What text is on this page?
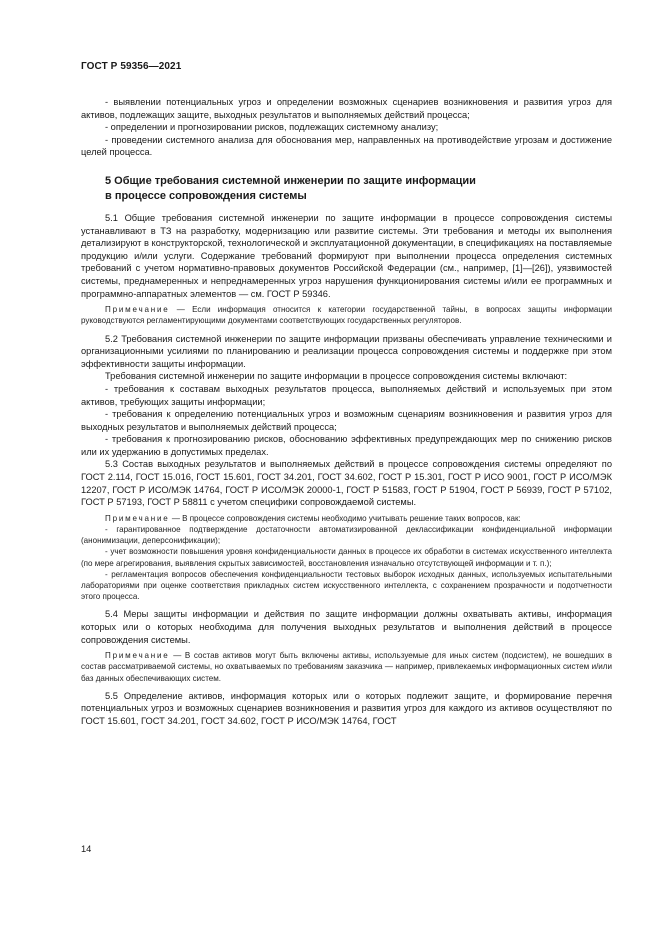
ГОСТ Р 59356—2021

- выявлении потенциальных угроз и определении возможных сценариев возникновения и развития угроз для активов, подлежащих защите, выходных результатов и выполняемых действий процесса;

- определении и прогнозировании рисков, подлежащих системному анализу;

- проведении системного анализа для обоснования мер, направленных на противодействие угрозам и достижение целей процесса.

5 Общие требования системной инженерии по защите информации
в процессе сопровождения системы

5.1 Общие требования системной инженерии по защите информации в процессе сопровождения системы устанавливают в ТЗ на разработку, модернизацию или развитие системы. Эти требования и методы их выполнения детализируют в конструкторской, технологической и эксплуатационной документации, в спецификациях на поставляемые продукцию и/или услуги. Содержание требований формируют при выполнении процесса определения системных требований с учетом нормативно-правовых документов Российской Федерации (см., например, [1]—[26]), уязвимостей системы, преднамеренных и непреднамеренных угроз нарушения функционирования системы и/или ее программных и программно-аппаратных элементов — см. ГОСТ Р 59346.

Примечание — Если информация относится к категории государственной тайны, в вопросах защиты информации руководствуются регламентирующими документами соответствующих государственных регуляторов.

5.2 Требования системной инженерии по защите информации призваны обеспечивать управление техническими и организационными усилиями по планированию и реализации процесса сопровождения системы и поддержке при этом эффективности защиты информации.

Требования системной инженерии по защите информации в процессе сопровождения системы включают:

- требования к составам выходных результатов процесса, выполняемых действий и используемых при этом активов, требующих защиты информации;

- требования к определению потенциальных угроз и возможным сценариям возникновения и развития угроз для выходных результатов и выполняемых действий процесса;

- требования к прогнозированию рисков, обоснованию эффективных предупреждающих мер по снижению рисков или их удержанию в допустимых пределах.

5.3 Состав выходных результатов и выполняемых действий в процессе сопровождения системы определяют по ГОСТ 2.114, ГОСТ 15.016, ГОСТ 15.601, ГОСТ 34.201, ГОСТ 34.602, ГОСТ Р 15.301, ГОСТ Р ИСО 9001, ГОСТ Р ИСО/МЭК 12207, ГОСТ Р ИСО/МЭК 14764, ГОСТ Р ИСО/МЭК 20000-1, ГОСТ Р 51583, ГОСТ Р 51904, ГОСТ Р 56939, ГОСТ Р 57102, ГОСТ Р 57193, ГОСТ Р 58811 с учетом специфики сопровождаемой системы.

Примечание — В процессе сопровождения системы необходимо учитывать решение таких вопросов, как:

- гарантированное подтверждение достаточности автоматизированной деклассификации конфиденциальной информации (анонимизации, деперсонификации);

- учет возможности повышения уровня конфиденциальности данных в процессе их обработки в системах искусственного интеллекта (по мере агрегирования, выявления скрытых зависимостей, восстановления изначально отсутствующей информации и т. п.);

- регламентация вопросов обеспечения конфиденциальности тестовых выборок исходных данных, используемых испытательными лабораториями при оценке соответствия прикладных систем искусственного интеллекта, с сохранением прозрачности и подотчетности этого процесса.

5.4 Меры защиты информации и действия по защите информации должны охватывать активы, информация которых или о которых необходима для получения выходных результатов и выполнения действий в процессе сопровождения системы.

Примечание — В состав активов могут быть включены активы, используемые для иных систем (подсистем), не вошедших в состав рассматриваемой системы, но охватываемых по требованиям заказчика — например, привлекаемых информационных систем и/или баз данных обеспечивающих систем.

5.5 Определение активов, информация которых или о которых подлежит защите, и формирование перечня потенциальных угроз и возможных сценариев возникновения и развития угроз для каждого из активов осуществляют по ГОСТ 15.601, ГОСТ 34.201, ГОСТ 34.602, ГОСТ Р ИСО/МЭК 14764, ГОСТ

14
